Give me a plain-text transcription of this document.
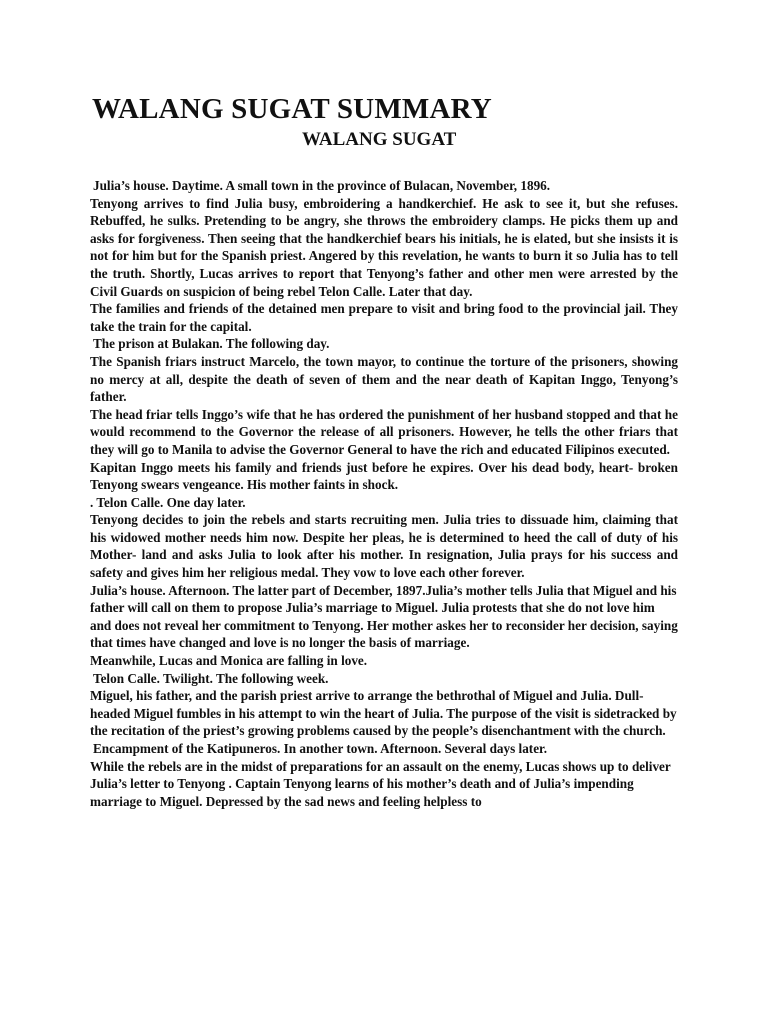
WALANG SUGAT SUMMARY
WALANG SUGAT

Julia’s house. Daytime. A small town in the province of Bulacan, November, 1896.

Tenyong arrives to find Julia busy, embroidering a handkerchief. He ask to see it, but she refuses. Rebuffed, he sulks. Pretending to be angry, she throws the embroidery clamps. He picks them up and asks for forgiveness. Then seeing that the handkerchief bears his initials, he is elated, but she insists it is not for him but for the Spanish priest. Angered by this revelation, he wants to burn it so Julia has to tell the truth. Shortly, Lucas arrives to report that Tenyong’s father and other men were arrested by the Civil Guards on suspicion of being rebel Telon Calle. Later that day.

The families and friends of the detained men prepare to visit and bring food to the provincial jail. They take the train for the capital.

The prison at Bulakan. The following day.

The Spanish friars instruct Marcelo, the town mayor, to continue the torture of the prisoners, showing no mercy at all, despite the death of seven of them and the near death of Kapitan Inggo, Tenyong’s father.

The head friar tells Inggo’s wife that he has ordered the punishment of her husband stopped and that he would recommend to the Governor the release of all prisoners. However, he tells the other friars that they will go to Manila to advise the Governor General to have the rich and educated Filipinos executed.

Kapitan Inggo meets his family and friends just before he expires. Over his dead body, heart- broken Tenyong swears vengeance. His mother faints in shock.

. Telon Calle. One day later.

Tenyong decides to join the rebels and starts recruiting men. Julia tries to dissuade him, claiming that his widowed mother needs him now. Despite her pleas, he is determined to heed the call of duty of his Mother- land and asks Julia to look after his mother. In resignation, Julia prays for his success and safety and gives him her religious medal. They vow to love each other forever.

Julia’s house. Afternoon. The latter part of December, 1897.Julia’s mother tells Julia that Miguel and his father will call on them to propose Julia’s marriage to Miguel. Julia protests that she do not love him and does not reveal her commitment to Tenyong. Her mother askes her to reconsider her decision, saying that times have changed and love is no longer the basis of marriage.

Meanwhile, Lucas and Monica are falling in love.

Telon Calle. Twilight. The following week.

Miguel, his father, and the parish priest arrive to arrange the bethrothal of Miguel and Julia. Dull- headed Miguel fumbles in his attempt to win the heart of Julia. The purpose of the visit is sidetracked by the recitation of the priest’s growing problems caused by the people’s disenchantment with the church.

Encampment of the Katipuneros. In another town. Afternoon. Several days later.

While the rebels are in the midst of preparations for an assault on the enemy, Lucas shows up to deliver Julia’s letter to Tenyong . Captain Tenyong learns of his mother’s death and of Julia’s impending marriage to Miguel. Depressed by the sad news and feeling helpless to
